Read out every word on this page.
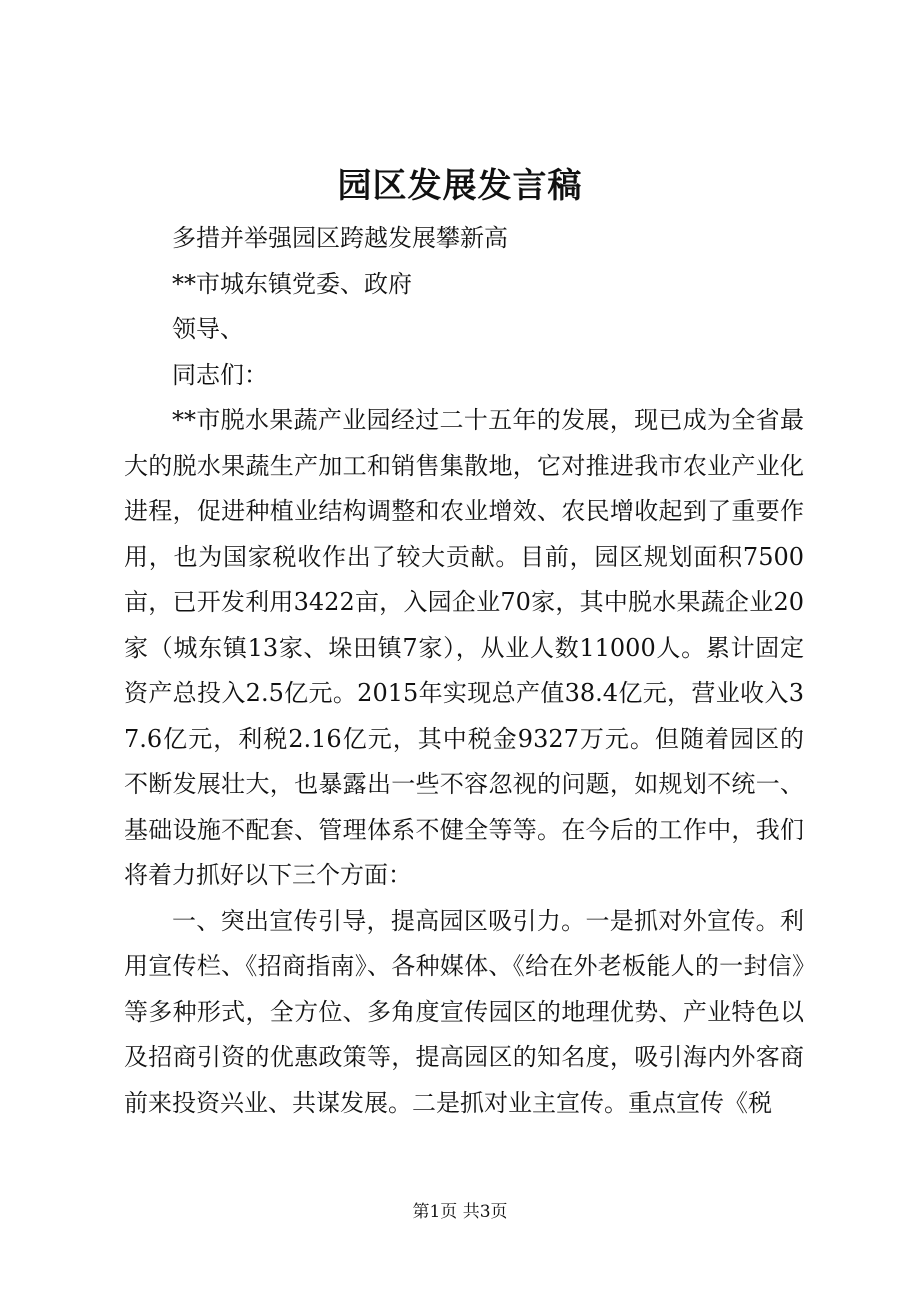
园区发展发言稿

多措并举强园区跨越发展攀新高

**市城东镇党委、政府

领导、

同志们：

**市脱水果蔬产业园经过二十五年的发展，现已成为全省最大的脱水果蔬生产加工和销售集散地，它对推进我市农业产业化进程，促进种植业结构调整和农业增效、农民增收起到了重要作用，也为国家税收作出了较大贡献。目前，园区规划面积7500亩，已开发利用3422亩，入园企业70家，其中脱水果蔬企业20家（城东镇13家、垛田镇7家），从业人数11000人。累计固定资产总投入2.5亿元。2015年实现总产值38.4亿元，营业收入37.6亿元，利税2.16亿元，其中税金9327万元。但随着园区的不断发展壮大，也暴露出一些不容忽视的问题，如规划不统一、基础设施不配套、管理体系不健全等等。在今后的工作中，我们将着力抓好以下三个方面：

一、突出宣传引导，提高园区吸引力。一是抓对外宣传。利用宣传栏、《招商指南》、各种媒体、《给在外老板能人的一封信》等多种形式，全方位、多角度宣传园区的地理优势、产业特色以及招商引资的优惠政策等，提高园区的知名度，吸引海内外客商前来投资兴业、共谋发展。二是抓对业主宣传。重点宣传《税

第1页 共3页
